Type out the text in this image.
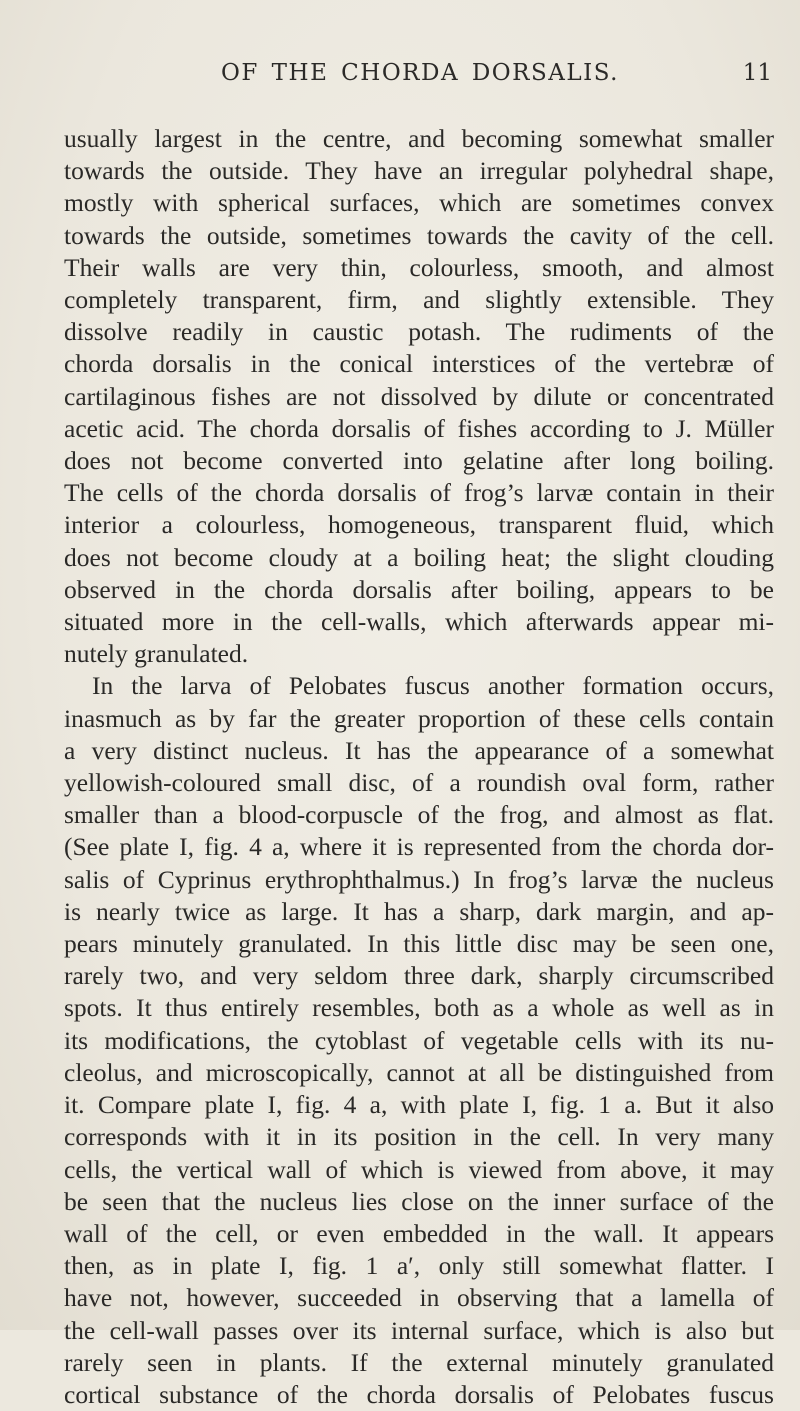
OF THE CHORDA DORSALIS.	11

usually largest in the centre, and becoming somewhat smaller
towards the outside. They have an irregular polyhedral shape,
mostly with spherical surfaces, which are sometimes convex
towards the outside, sometimes towards the cavity of the cell.
Their walls are very thin, colourless, smooth, and almost
completely transparent, firm, and slightly extensible. They
dissolve readily in caustic potash. The rudiments of the
chorda dorsalis in the conical interstices of the vertebræ of
cartilaginous fishes are not dissolved by dilute or concentrated
acetic acid. The chorda dorsalis of fishes according to J. Müller
does not become converted into gelatine after long boiling.
The cells of the chorda dorsalis of frog’s larvæ contain in their
interior a colourless, homogeneous, transparent fluid, which
does not become cloudy at a boiling heat; the slight clouding
observed in the chorda dorsalis after boiling, appears to be
situated more in the cell-walls, which afterwards appear mi-
nutely granulated.

In the larva of Pelobates fuscus another formation occurs,
inasmuch as by far the greater proportion of these cells contain
a very distinct nucleus. It has the appearance of a somewhat
yellowish-coloured small disc, of a roundish oval form, rather
smaller than a blood-corpuscle of the frog, and almost as flat.
(See plate I, fig. 4 a, where it is represented from the chorda dor-
salis of Cyprinus erythrophthalmus.) In frog’s larvæ the nucleus
is nearly twice as large. It has a sharp, dark margin, and ap-
pears minutely granulated. In this little disc may be seen one,
rarely two, and very seldom three dark, sharply circumscribed
spots. It thus entirely resembles, both as a whole as well as in
its modifications, the cytoblast of vegetable cells with its nu-
cleolus, and microscopically, cannot at all be distinguished from
it. Compare plate I, fig. 4 a, with plate I, fig. 1 a. But it also
corresponds with it in its position in the cell. In very many
cells, the vertical wall of which is viewed from above, it may
be seen that the nucleus lies close on the inner surface of the
wall of the cell, or even embedded in the wall. It appears
then, as in plate I, fig. 1 a′, only still somewhat flatter. I
have not, however, succeeded in observing that a lamella of
the cell-wall passes over its internal surface, which is also but
rarely seen in plants. If the external minutely granulated
cortical substance of the chorda dorsalis of Pelobates fuscus
